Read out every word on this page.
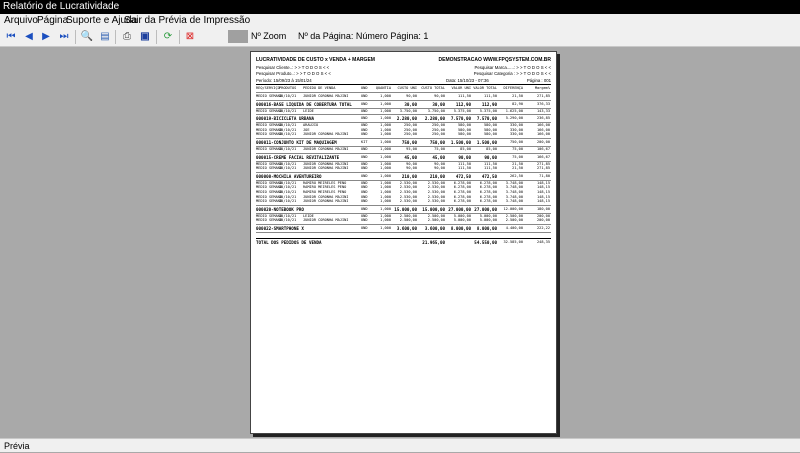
Relatório de Lucratividade
Arquivo Página
Suporte e Ajuda
Sair da Prévia de Impressão
⏮ ◀ ▶ ⏭ 🔍 ▤	⎙ ▣ ⟳ ⊠	Nº Zoom Nº da Página: Número Página: 1
LUCRATIVIDADE DE CUSTO x VENDA + MARGEM	DEMONSTRACAO WWW.FPQSYSTEM.COM.BR
Pesquisar Cliente..: > > T O D O S < <
Pesquisar Produto..: > > T O D O S < <
Período: 15/09/23 à 15/01/24
Pesquisar Marca......: > > T O D O S < <
Pesquisar Categoria : > > T O D O S < <
Data: 15/10/23 - 07:36	Página : 001
REQ/SERVIÇO PRODUTOS PEDIDO DE VENDA	UND	QUANTIA	CUSTO UNI	CUSTO TOTAL	VALOR UNI VALOR TOTAL	DIFERENÇA	Margem%
MEDIO SEMANA
15/10/21 JUNIOR CORONHA MAJINI	UND	1,000	90,00	90,00	111,50	111,50	21,50	271,85
000016-BASE LIQUIDA DE COBERTURA TOTAL	UND	1,000	30,00	30,00	112,90	112,90	82,90	376,33
MEDIO SEMANA
15/10/21 LEIDE	UND	1,000	3.750,00	3.750,00	5.375,00	5.375,00	1.625,00	143,33
000019-BICICLETA URBANA	UND	1,000	2.280,00	2.280,00	7.570,00	7.570,00	5.290,00	236,85
MEDIO SEMANA
15/10/21 ARAUJIO	UND	1,000	250,00	250,00	580,00	580,00	330,00	166,00
MEDIO SEMANA
15/10/21 JOE	UND	1,000	250,00	250,00	580,00	580,00	330,00	166,00
MEDIO SEMANA
15/10/21 JUNIOR CORONHA MAJINI	UND	1,000	250,00	250,00	580,00	580,00	330,00	166,00
000011-CONJUNTO KIT DE MAQUIAGEM	KIT	1,000	750,00	750,00	1.500,00	1.500,00	750,00	200,00
MEDIO SEMANA
15/10/21 JUNIOR CORONHA MAJINI	UND	1,000	95,00	75,00	85,00	85,00	75,00	106,67
000015-CREME FACIAL REVITALIZANTE	UND	1,000	45,00	45,00	90,00	90,00	75,00	166,67
MEDIO SEMANA
15/10/21 JUNIOR CORONHA MAJINI	UND	1,000	90,00	90,00	111,50	111,50	21,50	271,85
MEDIO SEMANA
15/10/21 JUNIOR CORONHA MAJINI	UND	1,000	90,00	90,00	111,50	111,50	21,50	271,85
000000-MOCHILA AVENTUREIRO	UND	1,000	210,00	210,00	472,50	472,50	262,50	71,80
MEDIO SEMANA
15/10/21 RAMIRO MEIRELES PENO	UND	1,000	2.530,00	2.530,00	6.278,00	6.278,00	3.748,00	148,15
MEDIO SEMANA
15/10/21 RAMIRO MEIRELES PENO	UND	1,000	2.530,00	2.530,00	6.278,00	6.278,00	3.748,00	148,15
MEDIO SEMANA
15/10/21 RAMIRO MEIRELES PENO	UND	1,000	2.530,00	2.530,00	6.278,00	6.278,00	3.748,00	148,15
MEDIO SEMANA
15/10/21 JUNIOR CORONHA MAJINI	UND	1,000	2.530,00	2.530,00	6.278,00	6.278,00	3.748,00	148,15
MEDIO SEMANA
15/10/21 JUNIOR CORONHA MAJINI	UND	1,000	2.530,00	2.530,00	6.278,00	6.278,00	3.748,00	148,15
000020-NOTEBOOK PRO	UND	1,000 15.000,00	15.000,00 27.000,00 27.000,00	12.000,00	180,00
MEDIO SEMANA
15/10/21 LEIDE	UND	1,000	2.500,00	2.500,00	5.000,00	5.000,00	2.500,00	200,00
MEDIO SEMANA
15/10/21 JUNIOR CORONHA MAJINI	UND	1,000	2.500,00	2.500,00	5.000,00	5.000,00	2.500,00	200,00
000022-SMARTPHONE X	UND	1,000	3.600,00	3.600,00	8.000,00	8.000,00	4.400,00	222,22
TOTAL DOS PEDIDOS DE VENDA	21.965,00	54.550,00	32.585,00	248,35
Prévia
